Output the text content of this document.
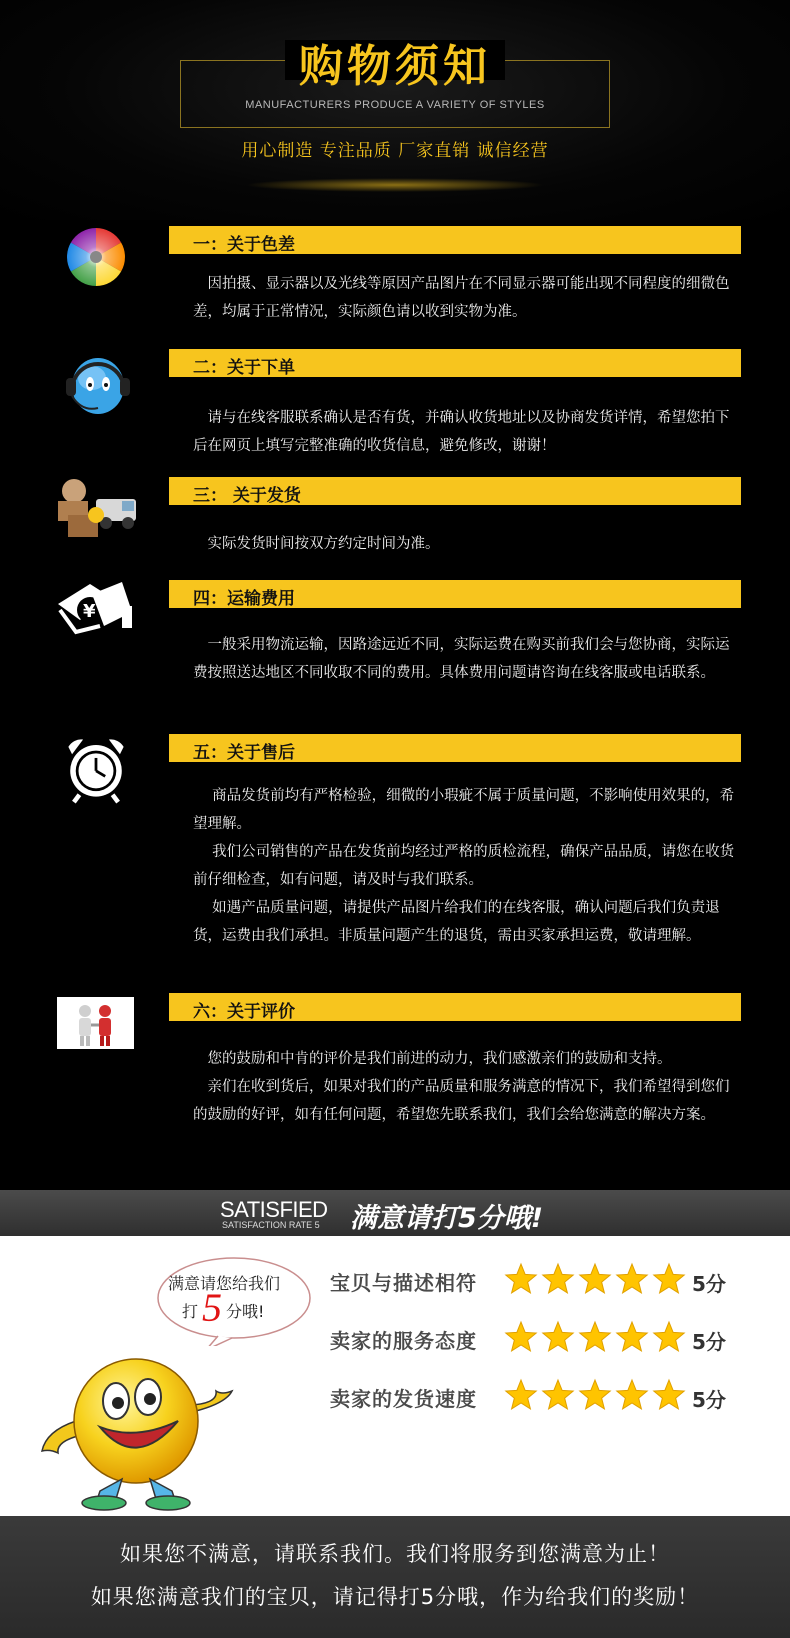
购物须知
MANUFACTURERS PRODUCE A VARIETY OF STYLES
用心制造 专注品质 厂家直销 诚信经营
一：关于色差

　因拍摄、显示器以及光线等原因产品图片在不同显示器可能出现不同程度的细微色差，均属于正常情况，实际颜色请以收到实物为准。

二：关于下单

　请与在线客服联系确认是否有货，并确认收货地址以及协商发货详情，希望您拍下后在网页上填写完整准确的收货信息，避免修改，谢谢！

三： 关于发货

　实际发货时间按双方约定时间为准。

¥
四：运输费用

　一般采用物流运输，因路途远近不同，实际运费在购买前我们会与您协商，实际运费按照送达地区不同收取不同的费用。具体费用问题请咨询在线客服或电话联系。

五：关于售后

　 商品发货前均有严格检验，细微的小瑕疵不属于质量问题，不影响使用效果的，希望理解。

　 我们公司销售的产品在发货前均经过严格的质检流程，确保产品品质，请您在收货前仔细检查，如有问题，请及时与我们联系。

　 如遇产品质量问题，请提供产品图片给我们的在线客服，确认问题后我们负责退货，运费由我们承担。非质量问题产生的退货，需由买家承担运费，敬请理解。

六：关于评价

　您的鼓励和中肯的评价是我们前进的动力，我们感激亲们的鼓励和支持。

　亲们在收到货后，如果对我们的产品质量和服务满意的情况下，我们希望得到您们的鼓励的好评，如有任何问题，希望您先联系我们，我们会给您满意的解决方案。

SATISFIED
SATISFACTION RATE 5 满意请打5分哦!
满意请您给我们
打 5 分哦!
宝贝与描述相符	5分
卖家的服务态度	5分
卖家的发货速度	5分
如果您不满意，请联系我们。我们将服务到您满意为止！
如果您满意我们的宝贝，请记得打5分哦，作为给我们的奖励！
